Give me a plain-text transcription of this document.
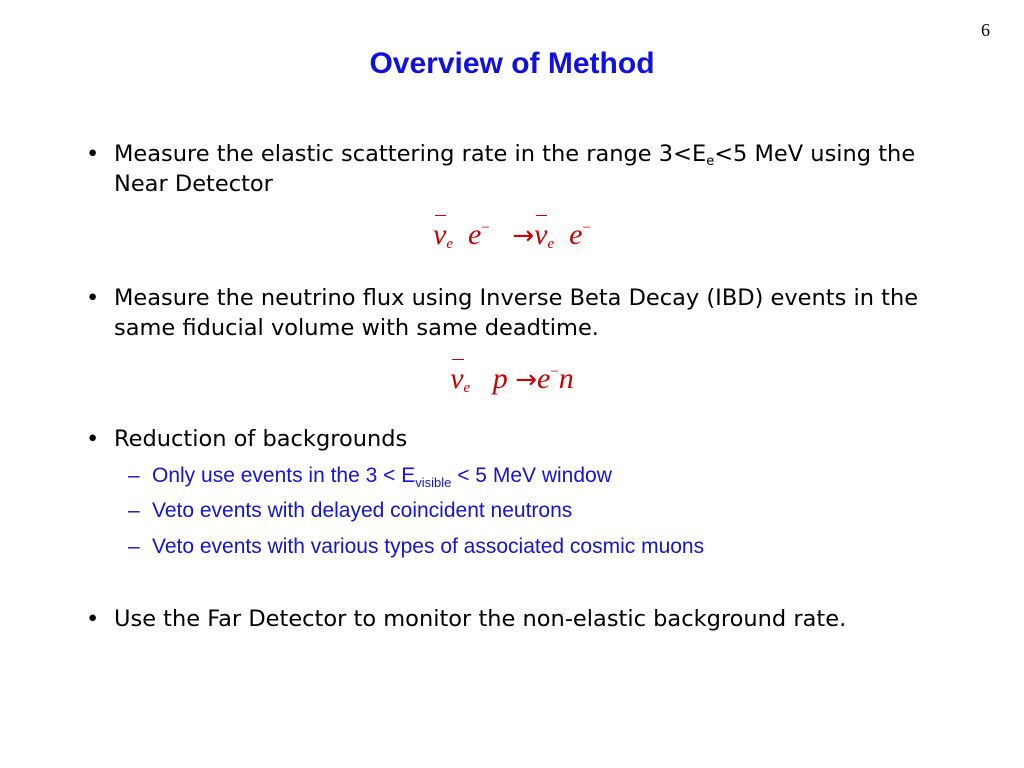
6
Overview of Method
• Measure the elastic scattering rate in the range $3<E_e<5$ MeV using the Near Detector
$\nu_e$ $e^- \to\nu_e$ e−
• Measure the neutrino flux using Inverse Beta Decay (IBD) events in the same fiducial volume with same deadtime.
$\nu_e$ p →e−n
• Reduction of backgrounds
– Only use events in the $3 < E_{visible} < 5$ MeV window
– Veto events with delayed coincident neutrons
– Veto events with various types of associated cosmic muons
• Use the Far Detector to monitor the non-elastic background rate.
